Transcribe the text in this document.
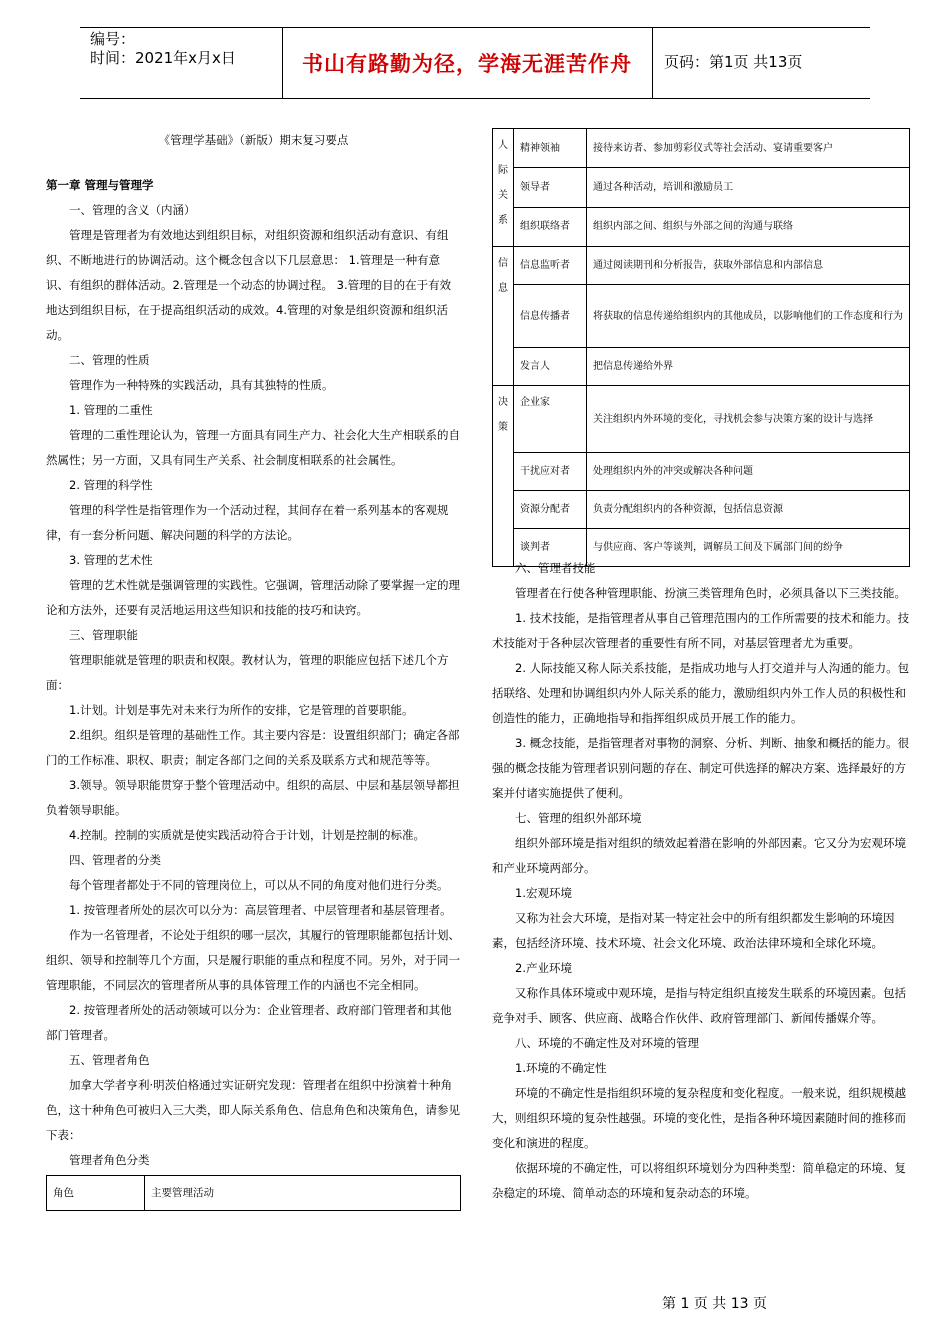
编号：
时间：2021年x月x日	书山有路勤为径，学海无涯苦作舟	页码：第1页 共13页

《管理学基础》（新版）期末复习要点

第一章 管理与管理学

一、管理的含义（内涵）

管理是管理者为有效地达到组织目标，对组织资源和组织活动有意识、有组织、不断地进行的协调活动。这个概念包含以下几层意思： 1.管理是一种有意识、有组织的群体活动。2.管理是一个动态的协调过程。 3.管理的目的在于有效地达到组织目标，在于提高组织活动的成效。4.管理的对象是组织资源和组织活动。

二、管理的性质

管理作为一种特殊的实践活动，具有其独特的性质。

1. 管理的二重性

管理的二重性理论认为，管理一方面具有同生产力、社会化大生产相联系的自然属性；另一方面，又具有同生产关系、社会制度相联系的社会属性。

2. 管理的科学性

管理的科学性是指管理作为一个活动过程，其间存在着一系列基本的客观规律，有一套分析问题、解决问题的科学的方法论。

3. 管理的艺术性

管理的艺术性就是强调管理的实践性。它强调，管理活动除了要掌握一定的理论和方法外，还要有灵活地运用这些知识和技能的技巧和诀窍。

三、管理职能

管理职能就是管理的职责和权限。教材认为，管理的职能应包括下述几个方面：

1.计划。计划是事先对未来行为所作的安排，它是管理的首要职能。

2.组织。组织是管理的基础性工作。其主要内容是：设置组织部门；确定各部门的工作标准、职权、职责；制定各部门之间的关系及联系方式和规范等等。

3.领导。领导职能贯穿于整个管理活动中。组织的高层、中层和基层领导都担负着领导职能。

4.控制。控制的实质就是使实践活动符合于计划，计划是控制的标准。

四、管理者的分类

每个管理者都处于不同的管理岗位上，可以从不同的角度对他们进行分类。

1. 按管理者所处的层次可以分为：高层管理者、中层管理者和基层管理者。

作为一名管理者，不论处于组织的哪一层次，其履行的管理职能都包括计划、组织、领导和控制等几个方面，只是履行职能的重点和程度不同。另外，对于同一管理职能，不同层次的管理者所从事的具体管理工作的内涵也不完全相同。

2. 按管理者所处的活动领域可以分为：企业管理者、政府部门管理者和其他部门管理者。

五、管理者角色

加拿大学者亨利·明茨伯格通过实证研究发现：管理者在组织中扮演着十种角色，这十种角色可被归入三大类，即人际关系角色、信息角色和决策角色，请参见下表：

管理者角色分类

角色	主要管理活动
人际关系	精神领袖	接待来访者、参加剪彩仪式等社会活动、宴请重要客户
	领导者	通过各种活动，培训和激励员工
	组织联络者	组织内部之间、组织与外部之间的沟通与联络
信息	信息监听者	通过阅读期刊和分析报告，获取外部信息和内部信息
	信息传播者	将获取的信息传递给组织内的其他成员，以影响他们的工作态度和行为
	发言人	把信息传递给外界
决策	企业家	关注组织内外环境的变化，寻找机会参与决策方案的设计与选择
	干扰应对者	处理组织内外的冲突或解决各种问题
	资源分配者	负责分配组织内的各种资源，包括信息资源
	谈判者	与供应商、客户等谈判，调解员工间及下属部门间的纷争

六、管理者技能

管理者在行使各种管理职能、扮演三类管理角色时，必须具备以下三类技能。

1. 技术技能，是指管理者从事自己管理范围内的工作所需要的技术和能力。技术技能对于各种层次管理者的重要性有所不同，对基层管理者尤为重要。

2. 人际技能又称人际关系技能，是指成功地与人打交道并与人沟通的能力。包括联络、处理和协调组织内外人际关系的能力，激励组织内外工作人员的积极性和创造性的能力，正确地指导和指挥组织成员开展工作的能力。

3. 概念技能，是指管理者对事物的洞察、分析、判断、抽象和概括的能力。很强的概念技能为管理者识别问题的存在、制定可供选择的解决方案、选择最好的方案并付诸实施提供了便利。

七、管理的组织外部环境

组织外部环境是指对组织的绩效起着潜在影响的外部因素。它又分为宏观环境和产业环境两部分。

1.宏观环境

又称为社会大环境，是指对某一特定社会中的所有组织都发生影响的环境因素，包括经济环境、技术环境、社会文化环境、政治法律环境和全球化环境。

2.产业环境

又称作具体环境或中观环境，是指与特定组织直接发生联系的环境因素。包括竞争对手、顾客、供应商、战略合作伙伴、政府管理部门、新闻传播媒介等。

八、环境的不确定性及对环境的管理

1.环境的不确定性

环境的不确定性是指组织环境的复杂程度和变化程度。一般来说，组织规模越大，则组织环境的复杂性越强。环境的变化性，是指各种环境因素随时间的推移而变化和演进的程度。

依据环境的不确定性，可以将组织环境划分为四种类型：简单稳定的环境、复杂稳定的环境、简单动态的环境和复杂动态的环境。

第 1 页 共 13 页
